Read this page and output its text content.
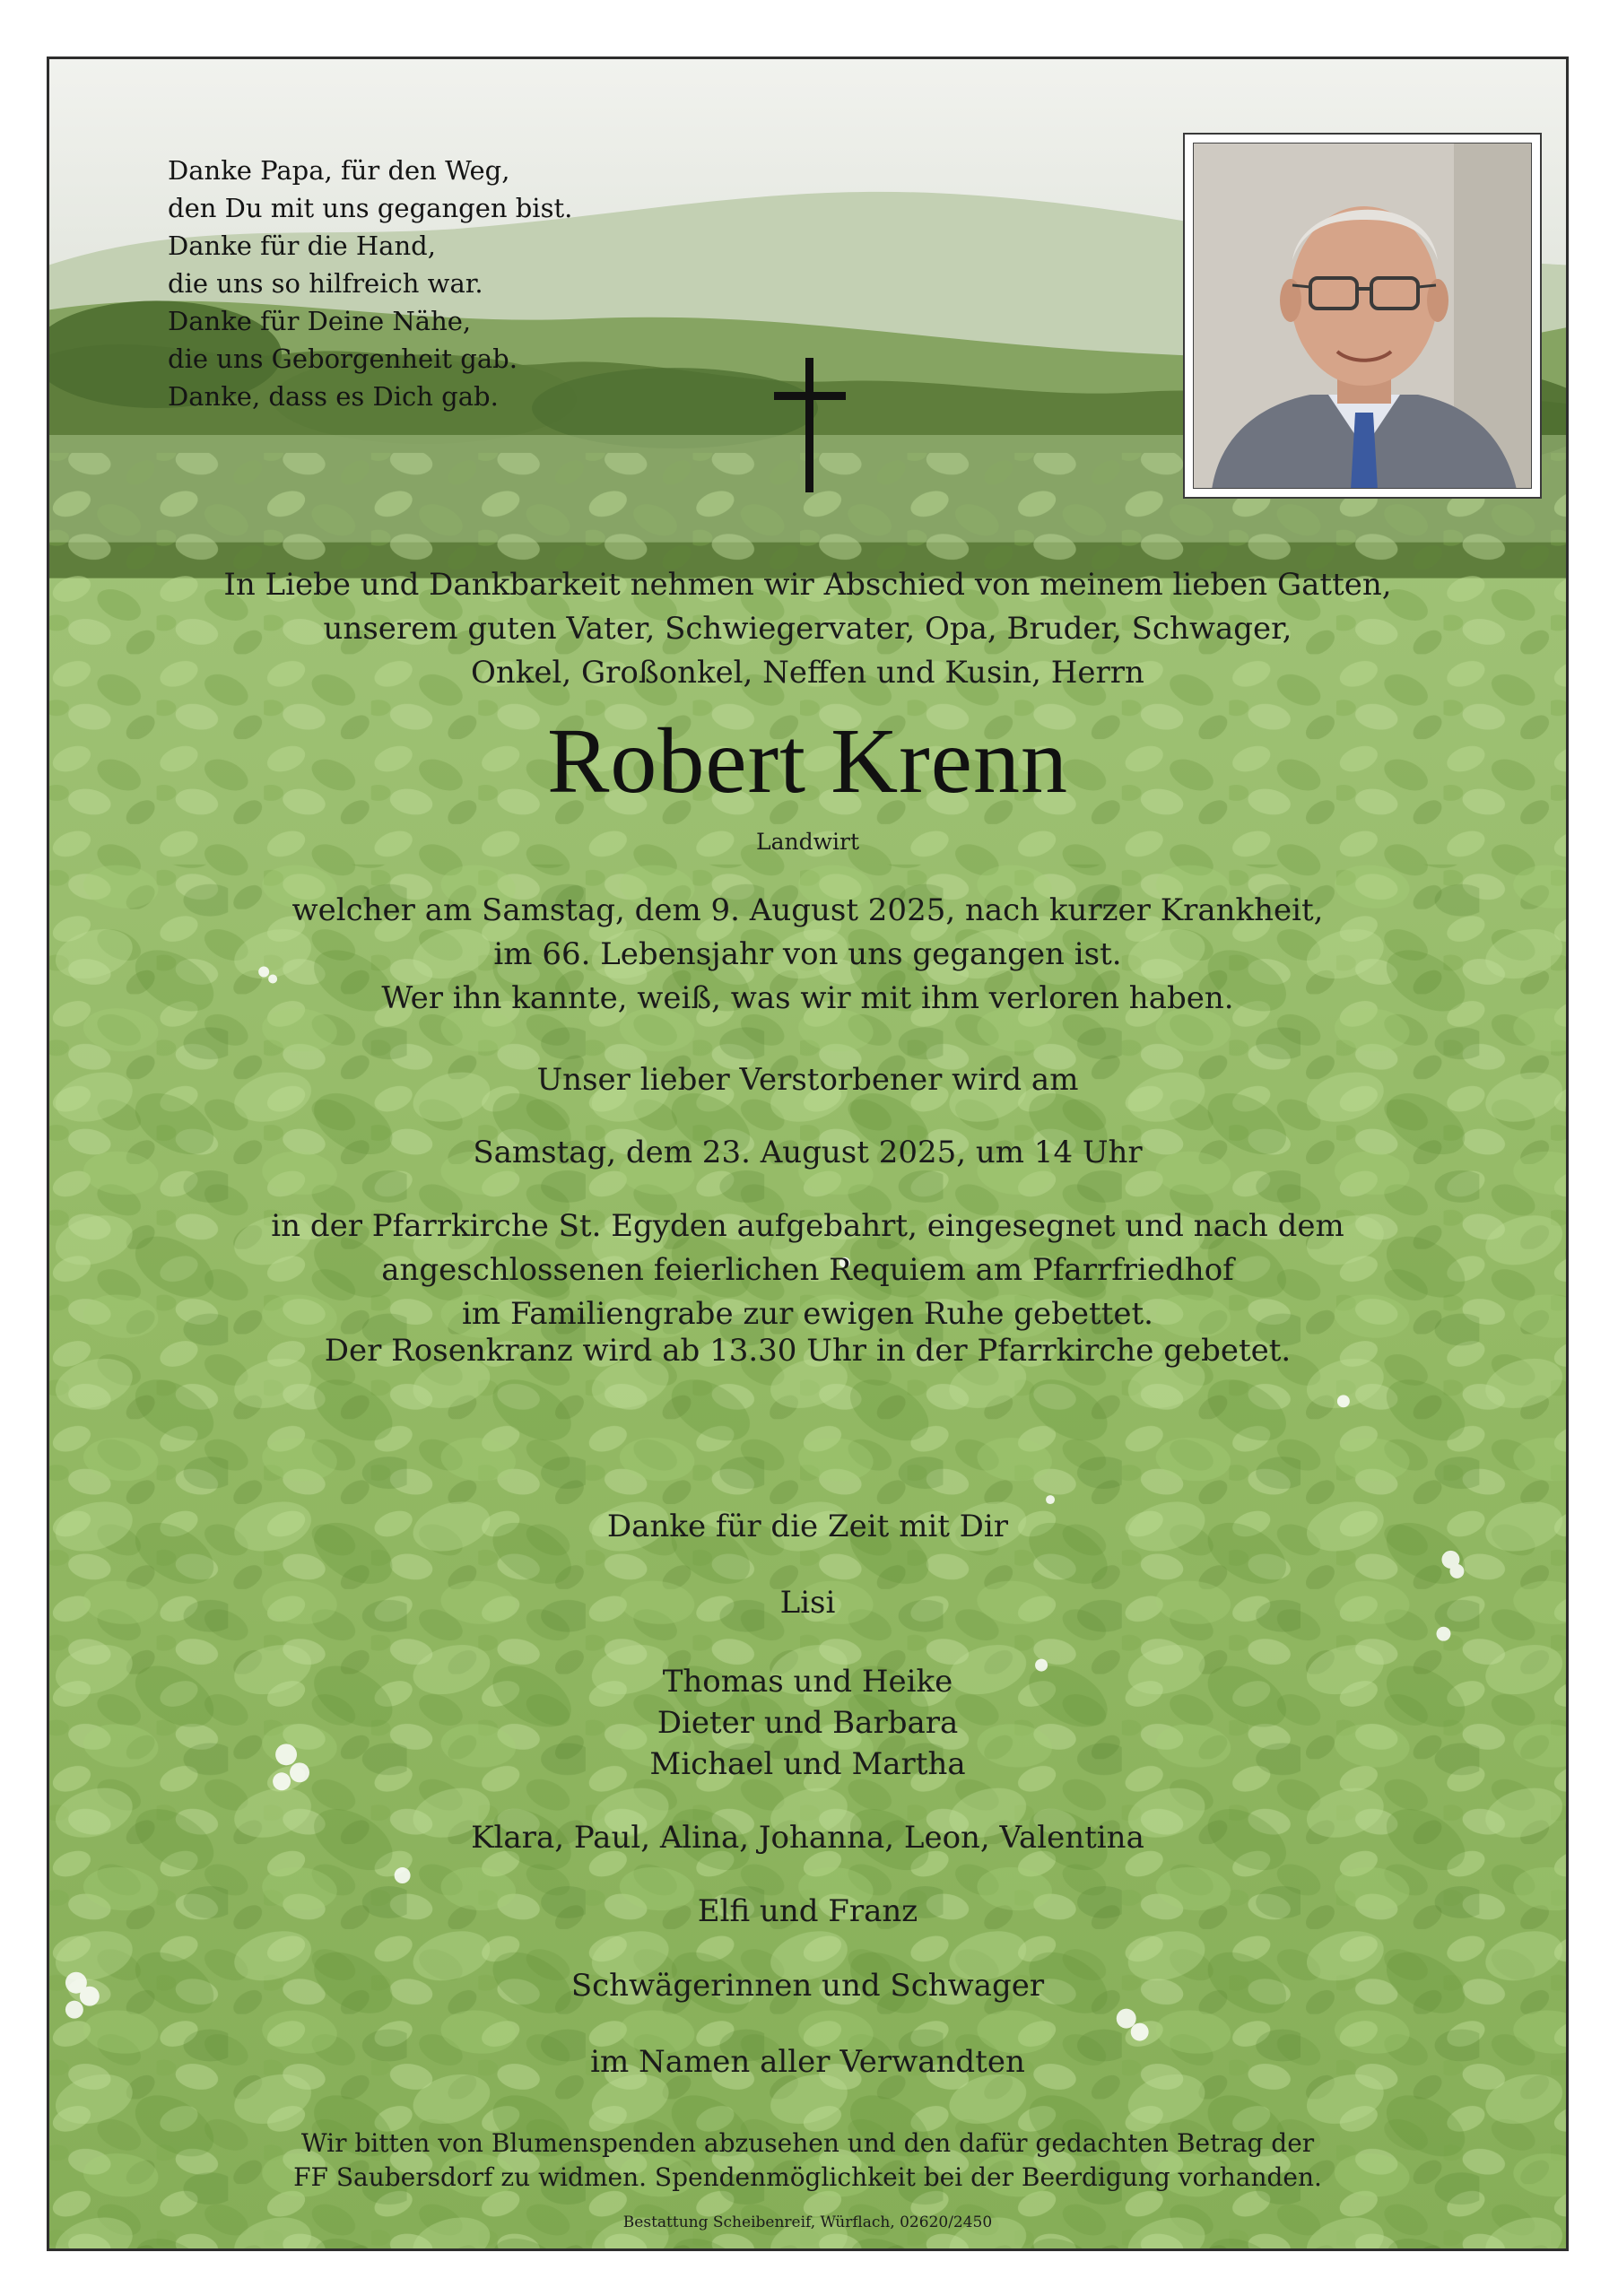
Danke Papa, für den Weg,
den Du mit uns gegangen bist.
Danke für die Hand,
die uns so hilfreich war.
Danke für Deine Nähe,
die uns Geborgenheit gab.
Danke, dass es Dich gab.
In Liebe und Dankbarkeit nehmen wir Abschied von meinem lieben Gatten,
unserem guten Vater, Schwiegervater, Opa, Bruder, Schwager,
Onkel, Großonkel, Neffen und Kusin, Herrn
Robert Krenn
Landwirt
welcher am Samstag, dem 9. August 2025, nach kurzer Krankheit,
im 66. Lebensjahr von uns gegangen ist.
Wer ihn kannte, weiß, was wir mit ihm verloren haben.
Unser lieber Verstorbener wird am
Samstag, dem 23. August 2025, um 14 Uhr
in der Pfarrkirche St. Egyden aufgebahrt, eingesegnet und nach dem
angeschlossenen feierlichen Requiem am Pfarrfriedhof
im Familiengrabe zur ewigen Ruhe gebettet.
Der Rosenkranz wird ab 13.30 Uhr in der Pfarrkirche gebetet.
Danke für die Zeit mit Dir
Lisi
Thomas und Heike
Dieter und Barbara
Michael und Martha
Klara, Paul, Alina, Johanna, Leon, Valentina
Elfi und Franz
Schwägerinnen und Schwager
im Namen aller Verwandten
Wir bitten von Blumenspenden abzusehen und den dafür gedachten Betrag der
FF Saubersdorf zu widmen. Spendenmöglichkeit bei der Beerdigung vorhanden.
Bestattung Scheibenreif, Würflach, 02620/2450
